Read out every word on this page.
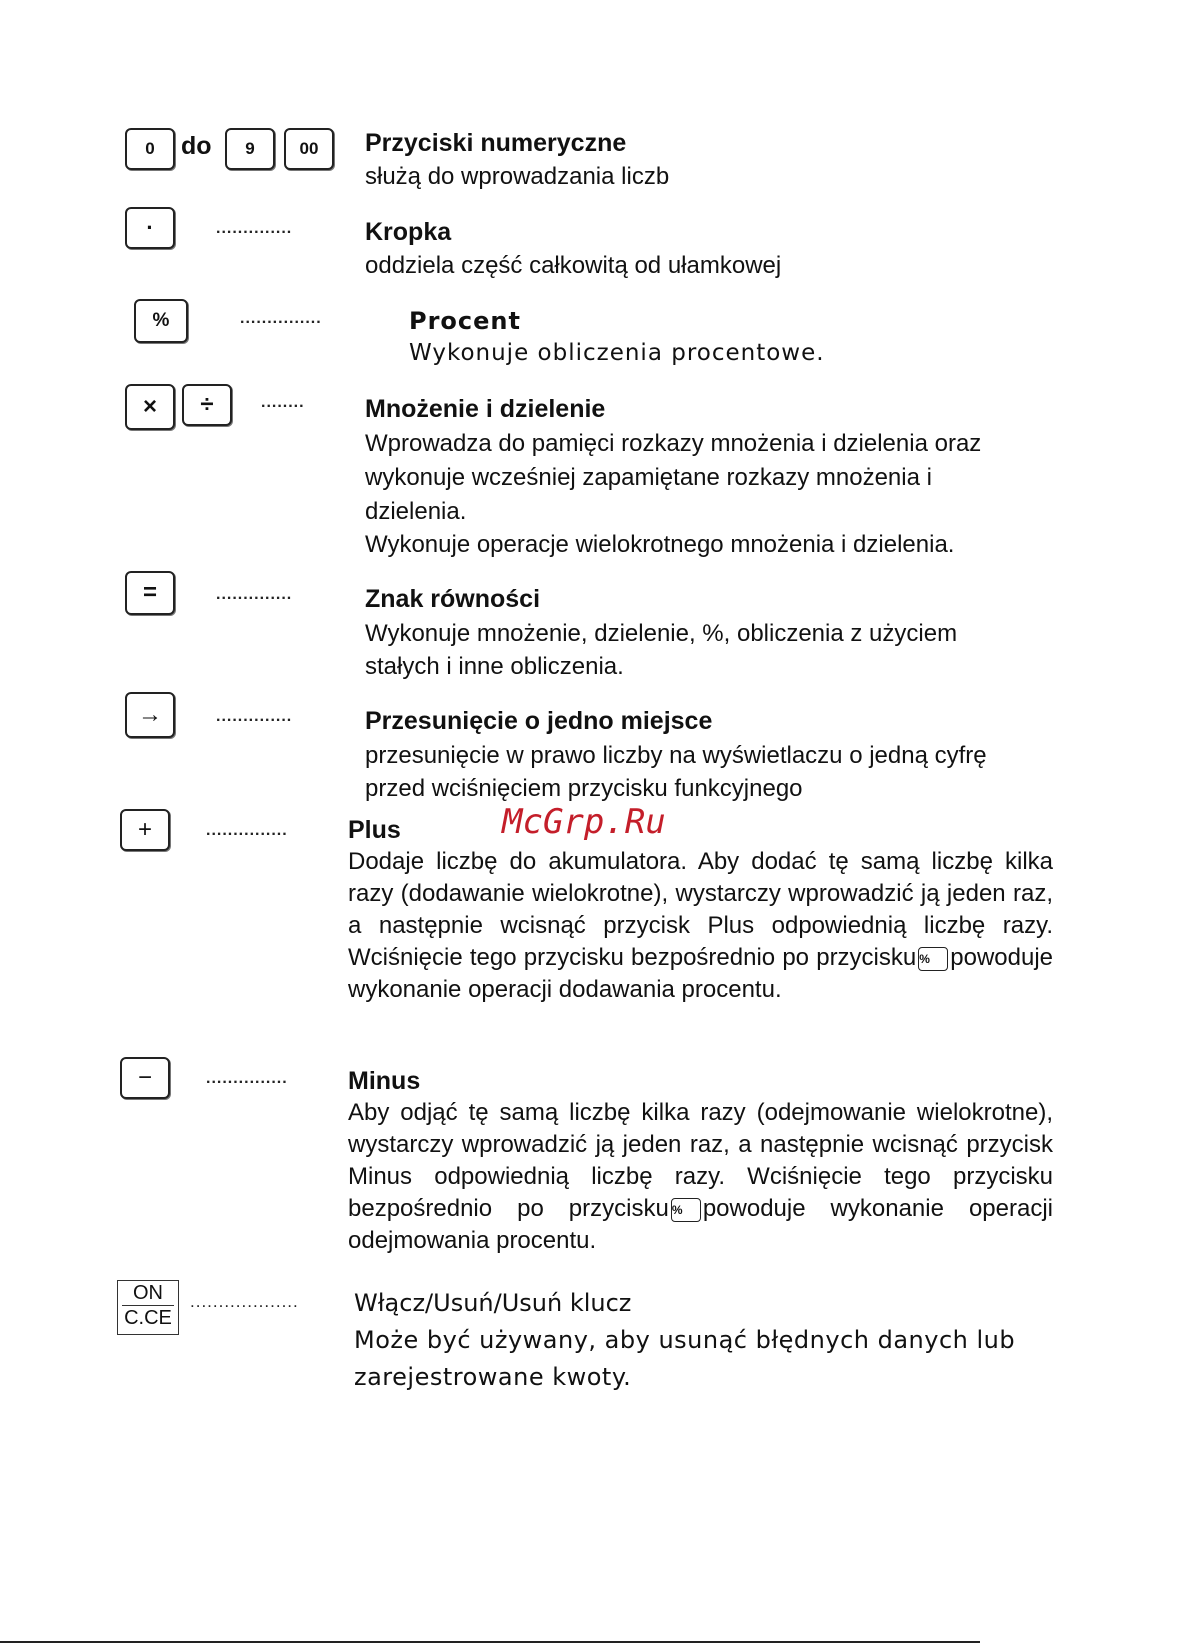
0	do	9	00	Przyciski numeryczne
służą do wprowadzania liczb
·	..............	Kropka
oddziela część całkowitą od ułamkowej
%	...............	Procent
Wykonuje obliczenia procentowe.
×	÷	........ Mnożenie i dzielenie
Wprowadza do pamięci rozkazy mnożenia i dzielenia oraz
wykonuje wcześniej zapamiętane rozkazy mnożenia i
dzielenia.
Wykonuje operacje wielokrotnego mnożenia i dzielenia.
=	..............	Znak równości
Wykonuje mnożenie, dzielenie, %, obliczenia z użyciem
stałych i inne obliczenia.
→	..............	Przesunięcie o jedno miejsce
przesunięcie w prawo liczby na wyświetlaczu o jedną cyfrę
przed wciśnięciem przycisku funkcyjnego
+	............... Plus
Dodaje liczbę do akumulatora. Aby dodać tę samą liczbę kilka razy (dodawanie wielokrotne), wystarczy wprowadzić ją jeden raz, a następnie wcisnąć przycisk Plus odpowiednią liczbę razy. Wciśnięcie tego przycisku bezpośrednio po przycisku % powoduje wykonanie operacji dodawania procentu.
McGrp.Ru
−	............... Minus
Aby odjąć tę samą liczbę kilka razy (odejmowanie wielokrotne), wystarczy wprowadzić ją jeden raz, a następnie wcisnąć przycisk Minus odpowiednią liczbę razy. Wciśnięcie tego przycisku bezpośrednio po przycisku % powoduje wykonanie operacji odejmowania procentu.
ON
C.CE
................... Włącz/Usuń/Usuń klucz
Może być używany, aby usunąć błędnych danych lub
zarejestrowane kwoty.
